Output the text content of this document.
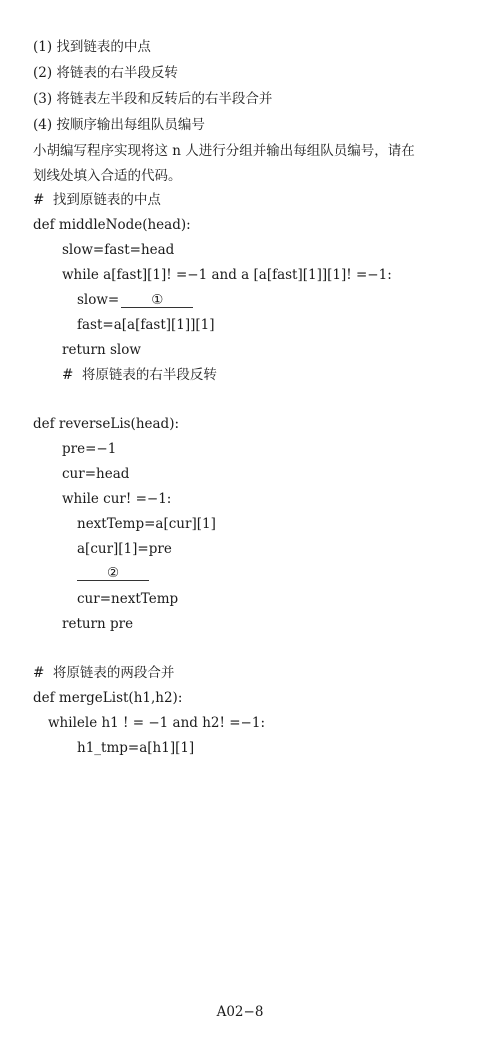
(1) 找到链表的中点
(2) 将链表的右半段反转
(3) 将链表左半段和反转后的右半段合并
(4) 按顺序输出每组队员编号
小胡编写程序实现将这 n 人进行分组并输出每组队员编号，请在
划线处填入合适的代码。
#  找到原链表的中点
def middleNode(head):
slow=fast=head
while a[fast][1]! =−1 and a [a[fast][1]][1]! =−1:
slow= ①
fast=a[a[fast][1]][1]
return slow
#  将原链表的右半段反转
def reverseLis(head):
pre=−1
cur=head
while cur! =−1:
nextTemp=a[cur][1]
a[cur][1]=pre
②
cur=nextTemp
return pre
#  将原链表的两段合并
def mergeList(h1,h2):
whilele h1 ! = −1 and h2! =−1:
h1_tmp=a[h1][1]
A02−8
